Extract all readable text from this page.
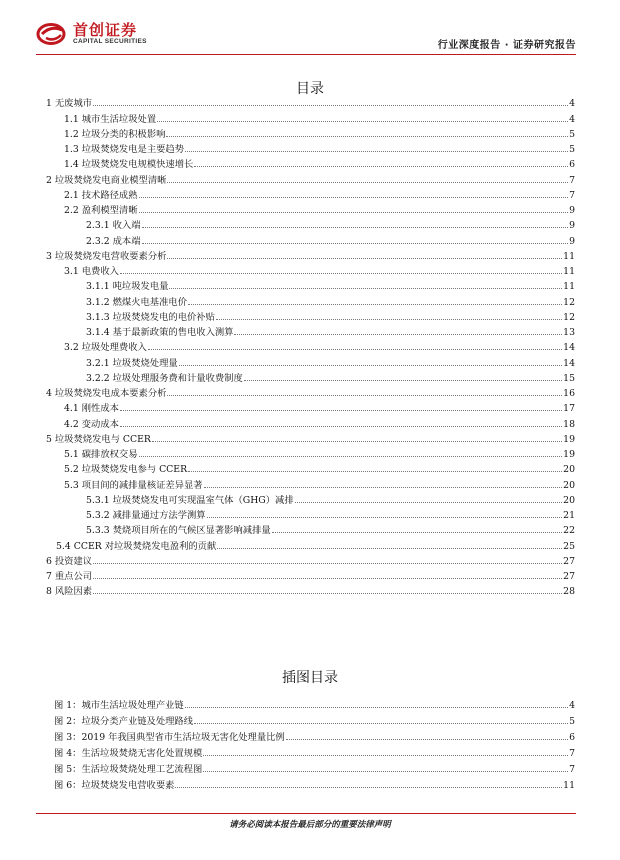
首创证券
CAPITAL SECURITIES	行业深度报告 · 证券研究报告
目录
1 无废城市	4
1.1 城市生活垃圾处置	4
1.2 垃圾分类的积极影响	5
1.3 垃圾焚烧发电是主要趋势	5
1.4 垃圾焚烧发电规模快速增长	6
2 垃圾焚烧发电商业模型清晰	7
2.1 技术路径成熟	7
2.2 盈利模型清晰	9
2.3.1 收入端	9
2.3.2 成本端	9
3 垃圾焚烧发电营收要素分析	11
3.1 电费收入	11
3.1.1 吨垃圾发电量	11
3.1.2 燃煤火电基准电价	12
3.1.3 垃圾焚烧发电的电价补贴	12
3.1.4 基于最新政策的售电收入测算	13
3.2 垃圾处理费收入	14
3.2.1 垃圾焚烧处理量	14
3.2.2 垃圾处理服务费和计量收费制度	15
4 垃圾焚烧发电成本要素分析	16
4.1 刚性成本	17
4.2 变动成本	18
5 垃圾焚烧发电与 CCER	19
5.1 碳排放权交易	19
5.2 垃圾焚烧发电参与 CCER	20
5.3 项目间的减排量核证差异显著	20
5.3.1 垃圾焚烧发电可实现温室气体（GHG）减排	20
5.3.2 减排量通过方法学测算	21
5.3.3 焚烧项目所在的气候区显著影响减排量	22
5.4 CCER 对垃圾焚烧发电盈利的贡献	25
6 投资建议	27
7 重点公司	27
8 风险因素	28
插图目录
图 1：城市生活垃圾处理产业链	4
图 2：垃圾分类产业链及处理路线	5
图 3：2019 年我国典型省市生活垃圾无害化处理量比例	6
图 4：生活垃圾焚烧无害化处置规模	7
图 5：生活垃圾焚烧处理工艺流程图	7
图 6：垃圾焚烧发电营收要素	11
请务必阅读本报告最后部分的重要法律声明
